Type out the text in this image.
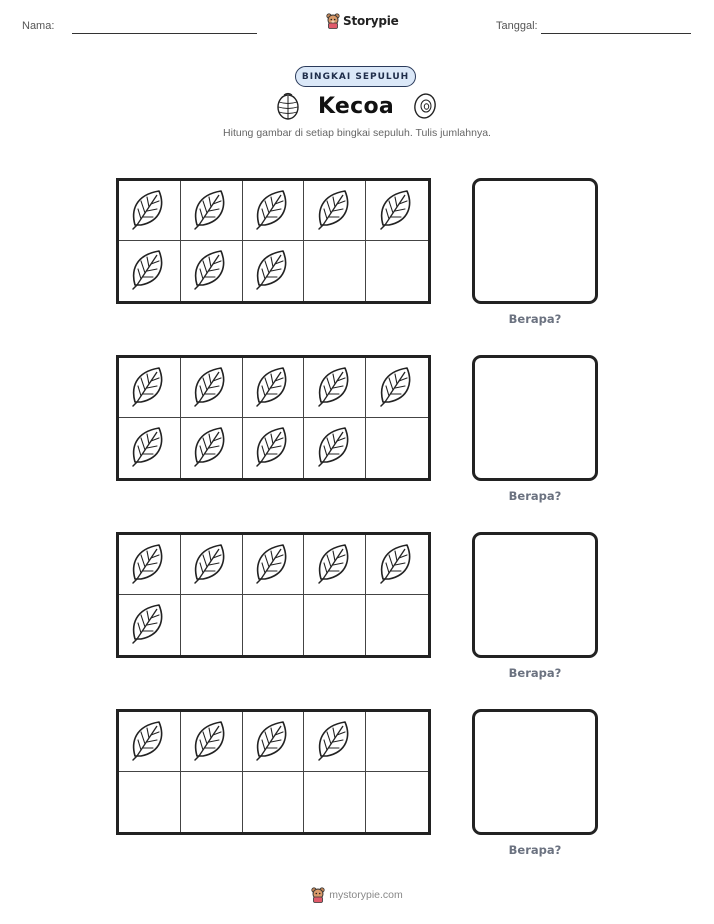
Nama:	Storypie	Tanggal:
BINGKAI SEPULUH
Kecoa
Hitung gambar di setiap bingkai sepuluh. Tulis jumlahnya.
Berapa?
Berapa?
Berapa?
Berapa?
mystorypie.com
